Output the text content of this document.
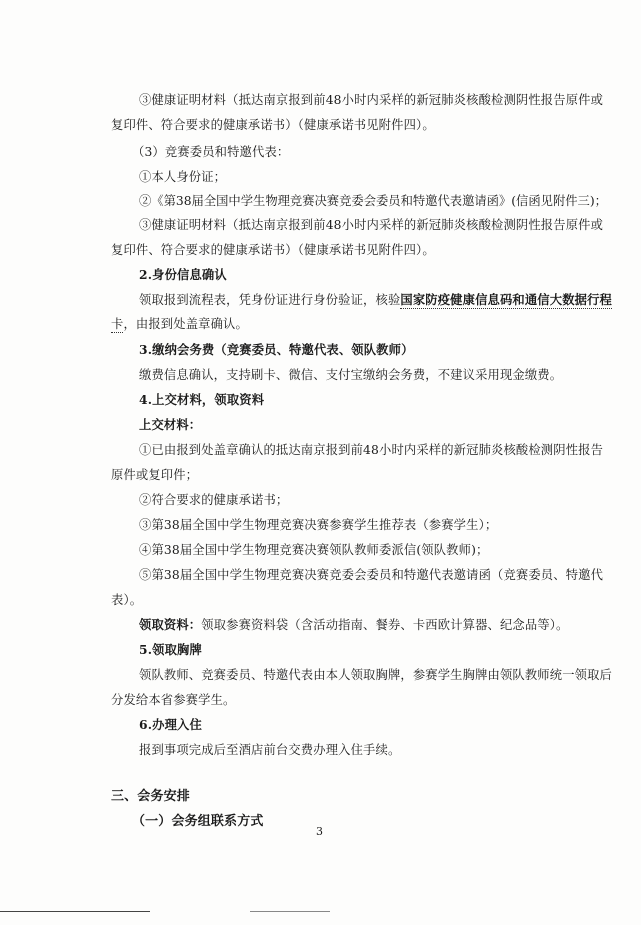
③健康证明材料（抵达南京报到前48小时内采样的新冠肺炎核酸检测阴性报告原件或
复印件、符合要求的健康承诺书）（健康承诺书见附件四）。
（3）竞赛委员和特邀代表：
①本人身份证；
②《第38届全国中学生物理竞赛决赛竞委会委员和特邀代表邀请函》(信函见附件三)；
③健康证明材料（抵达南京报到前48小时内采样的新冠肺炎核酸检测阴性报告原件或
复印件、符合要求的健康承诺书）（健康承诺书见附件四）。
2.身份信息确认
领取报到流程表，凭身份证进行身份验证，核验国家防疫健康信息码和通信大数据行程
卡，由报到处盖章确认。
3.缴纳会务费（竞赛委员、特邀代表、领队教师）
缴费信息确认，支持刷卡、微信、支付宝缴纳会务费，不建议采用现金缴费。
4.上交材料，领取资料
上交材料：
①已由报到处盖章确认的抵达南京报到前48小时内采样的新冠肺炎核酸检测阴性报告
原件或复印件；
②符合要求的健康承诺书；
③第38届全国中学生物理竞赛决赛参赛学生推荐表（参赛学生）；
④第38届全国中学生物理竞赛决赛领队教师委派信(领队教师)；
⑤第38届全国中学生物理竞赛决赛竞委会委员和特邀代表邀请函（竞赛委员、特邀代
表）。
领取资料：领取参赛资料袋（含活动指南、餐券、卡西欧计算器、纪念品等）。
5.领取胸牌
领队教师、竞赛委员、特邀代表由本人领取胸牌，参赛学生胸牌由领队教师统一领取后
分发给本省参赛学生。
6.办理入住
报到事项完成后至酒店前台交费办理入住手续。
三、会务安排
（一）会务组联系方式
3
